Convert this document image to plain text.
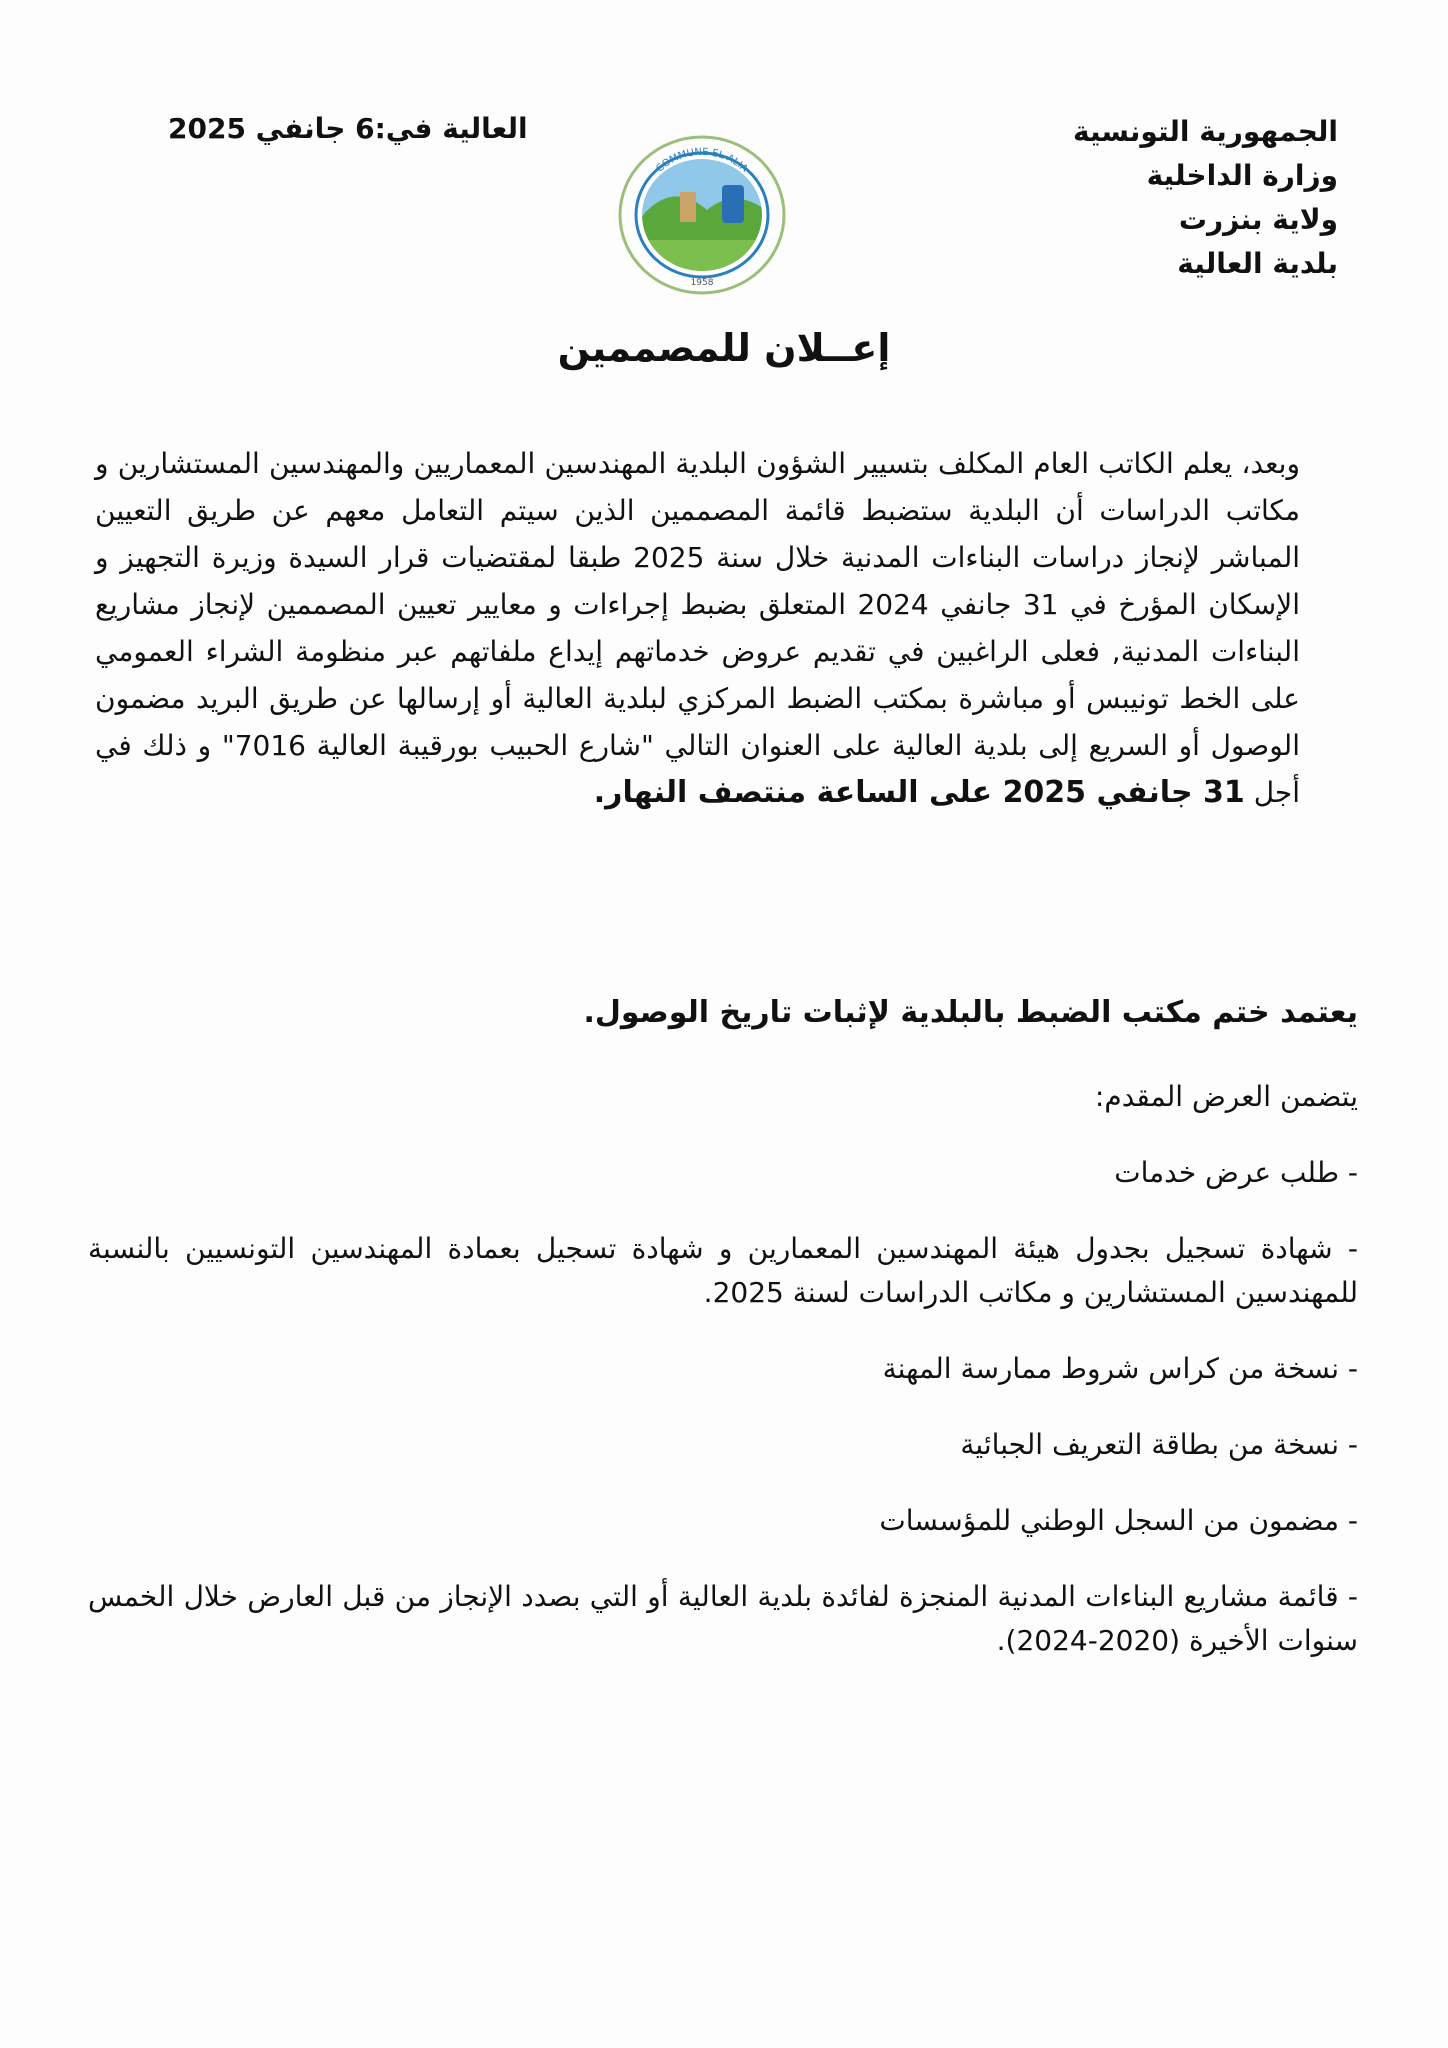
الجمهورية التونسية
وزارة الداخلية
ولاية بنزرت
بلدية العالية
العالية في:6 جانفي 2025
COMMUNE EL ALIA
1958
إعــلان للمصممين

وبعد، يعلم الكاتب العام المكلف بتسيير الشؤون البلدية المهندسين المعماريين والمهندسين المستشارين و مكاتب الدراسات أن البلدية ستضبط قائمة المصممين الذين سيتم التعامل معهم عن طريق التعيين المباشر لإنجاز دراسات البناءات المدنية خلال سنة 2025 طبقا لمقتضيات قرار السيدة وزيرة التجهيز و الإسكان المؤرخ في 31 جانفي 2024 المتعلق بضبط إجراءات و معايير تعيين المصممين لإنجاز مشاريع البناءات المدنية, فعلى الراغبين في تقديم عروض خدماتهم إيداع ملفاتهم عبر منظومة الشراء العمومي على الخط تونيبس أو مباشرة بمكتب الضبط المركزي لبلدية العالية أو إرسالها عن طريق البريد مضمون الوصول أو السريع إلى بلدية العالية على العنوان التالي "شارع الحبيب بورقيبة العالية 7016" و ذلك في أجل 31 جانفي 2025 على الساعة منتصف النهار.

يعتمد ختم مكتب الضبط بالبلدية لإثبات تاريخ الوصول.

يتضمن العرض المقدم:

- طلب عرض خدمات

- شهادة تسجيل بجدول هيئة المهندسين المعمارين و شهادة تسجيل بعمادة المهندسين التونسيين بالنسبة للمهندسين المستشارين و مكاتب الدراسات لسنة 2025.

- نسخة من كراس شروط ممارسة المهنة

- نسخة من بطاقة التعريف الجبائية

- مضمون من السجل الوطني للمؤسسات

- قائمة مشاريع البناءات المدنية المنجزة لفائدة بلدية العالية أو التي بصدد الإنجاز من قبل العارض خلال الخمس سنوات الأخيرة (2020-2024).
